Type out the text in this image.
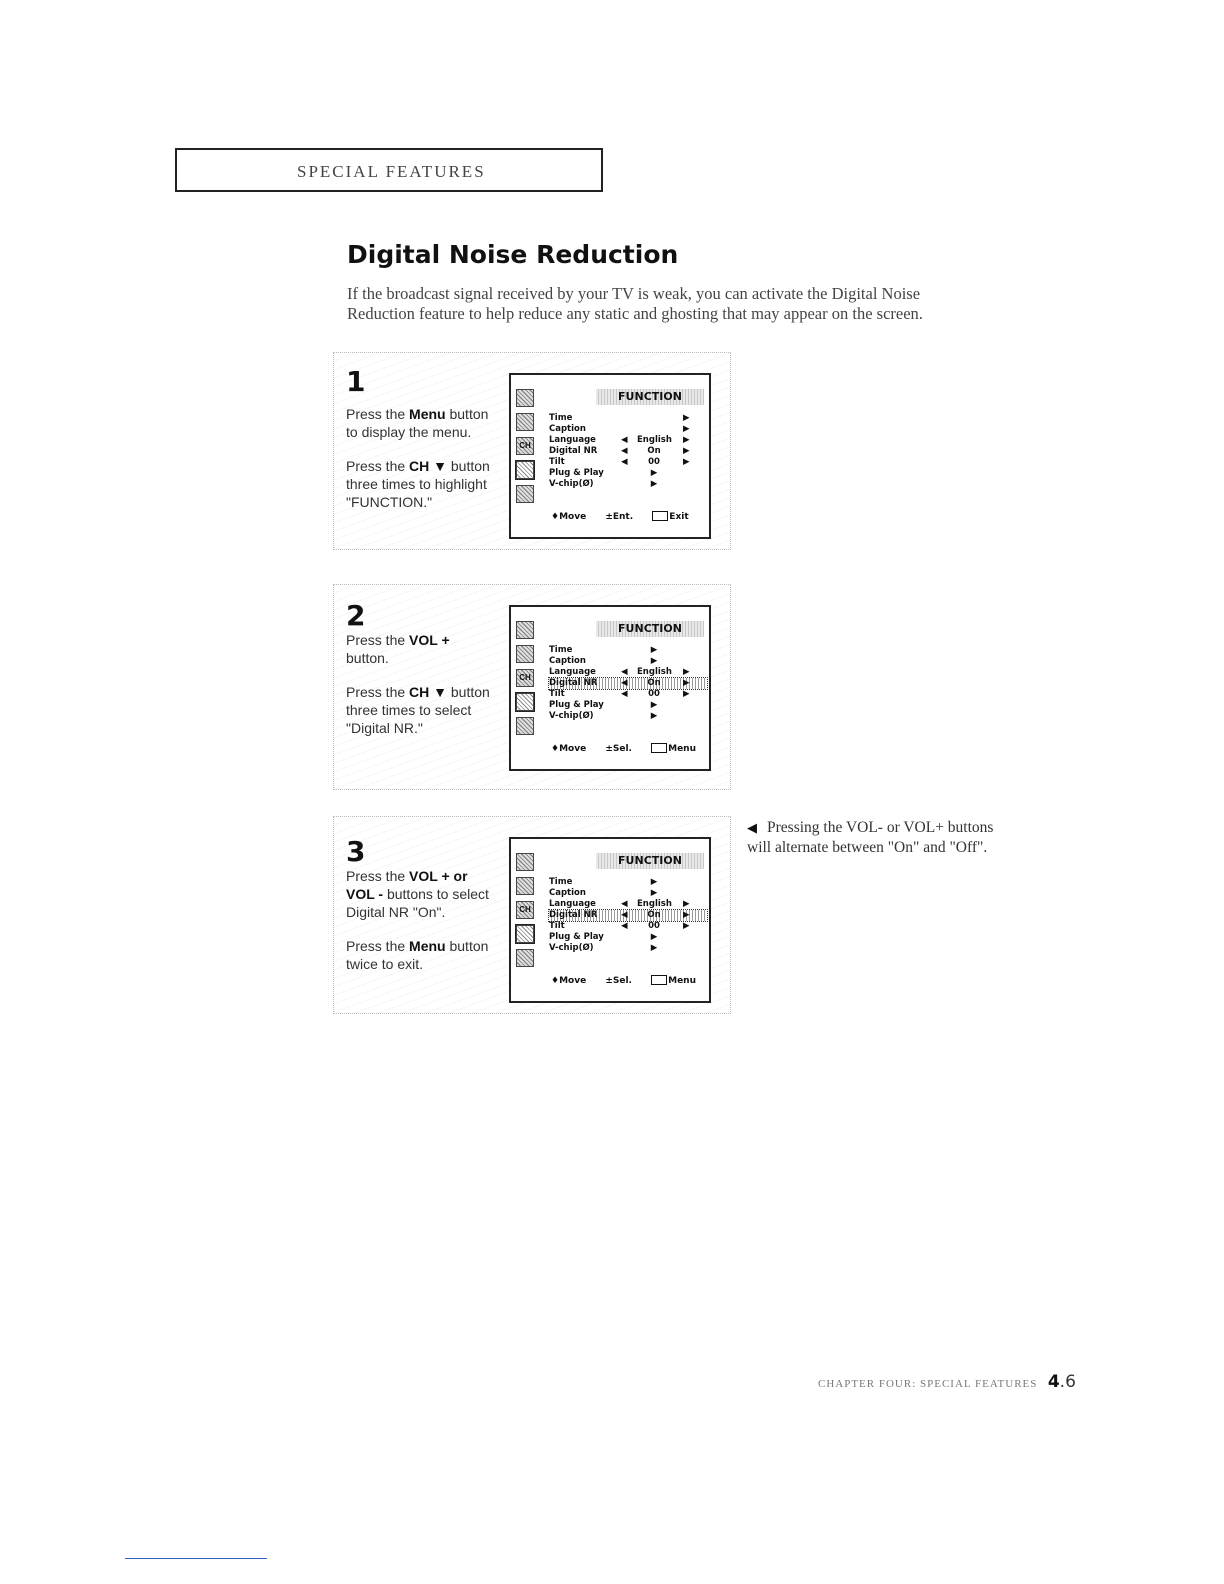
SPECIAL FEATURES
Digital Noise Reduction

If the broadcast signal received by your TV is weak, you can activate the Digital Noise Reduction feature to help reduce any static and ghosting that may appear on the screen.

1

Press the Menu button to display the menu.

Press the CH ▼ button three times to highlight "FUNCTION."

CH
FUNCTION
Time	▶
Caption	▶
Language	◀ English ▶
Digital NR	◀	On	▶
Tilt	◀	00	▶
Plug & Play	▶
V-chip(Ø)	▶
♦Move ±Ent.	Exit
2

Press the VOL + button.

Press the CH ▼ button three times to select "Digital NR."

CH
FUNCTION
Time	▶
Caption	▶
Language	◀ English ▶
Digital NR	◀	On	▶
Tilt	◀	00	▶
Plug & Play	▶
V-chip(Ø)	▶
♦Move ±Sel.	Menu
3

Press the VOL + or VOL - buttons to select Digital NR "On".

Press the Menu button twice to exit.

CH
FUNCTION
Time	▶
Caption	▶
Language	◀ English ▶
Digital NR	◀	On	▶
Tilt	◀	00	▶
Plug & Play	▶
V-chip(Ø)	▶
♦Move ±Sel.	Menu

◀ Pressing the VOL- or VOL+ buttons will alternate between "On" and "Off".

CHAPTER FOUR: SPECIAL FEATURES 4.6
